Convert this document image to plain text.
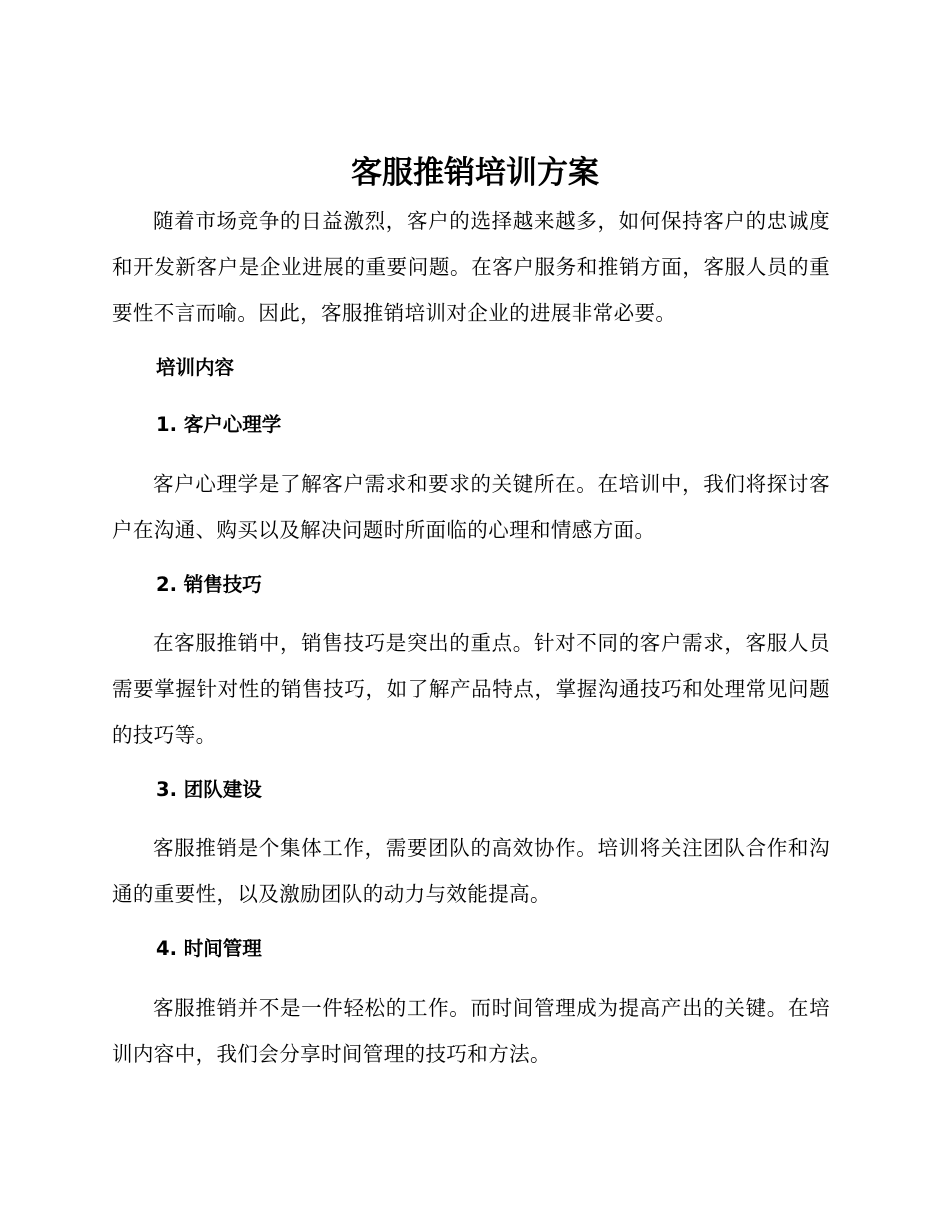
客服推销培训方案

随着市场竞争的日益激烈，客户的选择越来越多，如何保持客户的忠诚度和开发新客户是企业进展的重要问题。在客户服务和推销方面，客服人员的重要性不言而喻。因此，客服推销培训对企业的进展非常必要。

培训内容
1. 客户心理学

客户心理学是了解客户需求和要求的关键所在。在培训中，我们将探讨客户在沟通、购买以及解决问题时所面临的心理和情感方面。

2. 销售技巧

在客服推销中，销售技巧是突出的重点。针对不同的客户需求，客服人员需要掌握针对性的销售技巧，如了解产品特点，掌握沟通技巧和处理常见问题的技巧等。

3. 团队建设

客服推销是个集体工作，需要团队的高效协作。培训将关注团队合作和沟通的重要性，以及激励团队的动力与效能提高。

4. 时间管理

客服推销并不是一件轻松的工作。而时间管理成为提高产出的关键。在培训内容中，我们会分享时间管理的技巧和方法。
